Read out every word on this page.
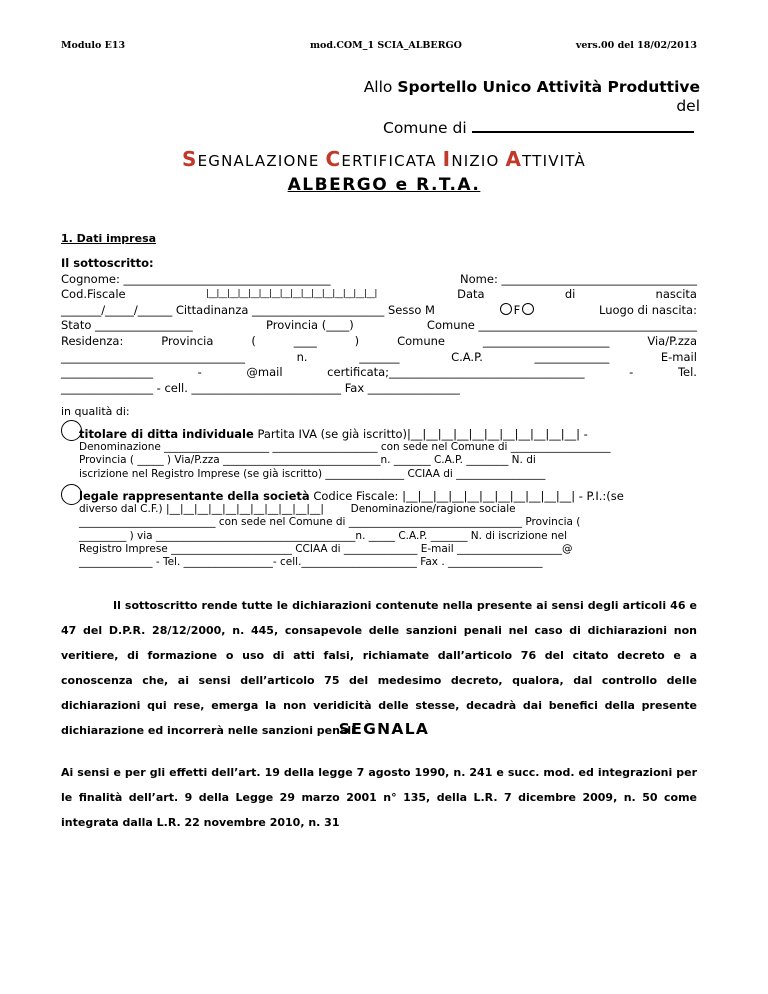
Modulo E13	mod.COM_1 SCIA_ALBERGO	vers.00 del 18/02/2013
Allo Sportello Unico Attività Produttive del
Comune di
SEGNALAZIONE CERTIFICATA INIZIO ATTIVITÀ
ALBERGO e R.T.A.
1. Dati impresa
Il sottoscritto:
Cognome: ____________________________________	Nome: __________________________________
Cod.Fiscale	|__|__|__|__|__|__|__|__|__|__|__|__|__|__|__|__|	Data	di	nascita
_______/_____/______ Cittadinanza _______________________ Sesso M	F	Luogo di nascita:
Stato _________________	Provincia (____)	Comune ______________________________________
Residenza:	Provincia	(	____	)	Comune	______________________	Via/P.zza
________________________________	n.	_______	C.A.P.	_____________	E-mail
________________	-	@mail	certificata;__________________________________	-	Tel.
________________ - cell. __________________________ Fax ________________
in qualità di:
titolare di ditta individuale Partita IVA (se già iscritto)|__|__|__|__|__|__|__|__|__|__|__| -
Denominazione ____________________ ____________________ con sede nel Comune di ___________________
Provincia ( _____ ) Via/P.zza ______________________________n. _______ C.A.P. ________ N. di
iscrizione nel Registro Imprese (se già iscritto) _______________ CCIAA di _________________
legale rappresentante della società Codice Fiscale: |__|__|__|__|__|__|__|__|__|__|__| - P.I.:(se
diverso dal C.F.) |__|__|__|__|__|__|__|__|__|__|__|        Denominazione/ragione sociale
__________________________ con sede nel Comune di _________________________________ Provincia (
_________ ) via ______________________________________n. _____ C.A.P. _______ N. di iscrizione nel
Registro Imprese _______________________ CCIAA di ______________ E-mail ____________________@
______________ - Tel. _________________- cell.______________________ Fax . __________________

Il sottoscritto rende tutte le dichiarazioni contenute nella presente ai sensi degli articoli 46 e 47 del D.P.R. 28/12/2000, n. 445, consapevole delle sanzioni penali nel caso di dichiarazioni non veritiere, di formazione o uso di atti falsi, richiamate dall’articolo 76 del citato decreto e a conoscenza che, ai sensi dell’articolo 75 del medesimo decreto, qualora, dal controllo delle dichiarazioni qui rese, emerga la non veridicità delle stesse, decadrà dai benefici della presente dichiarazione ed incorrerà nelle sanzioni penali.

SEGNALA
Ai sensi e per gli effetti dell’art. 19 della legge 7 agosto 1990, n. 241 e succ. mod. ed integrazioni per le finalità dell’art. 9 della Legge 29 marzo 2001 n° 135, della L.R. 7 dicembre 2009, n. 50 come integrata dalla L.R. 22 novembre 2010, n. 31
